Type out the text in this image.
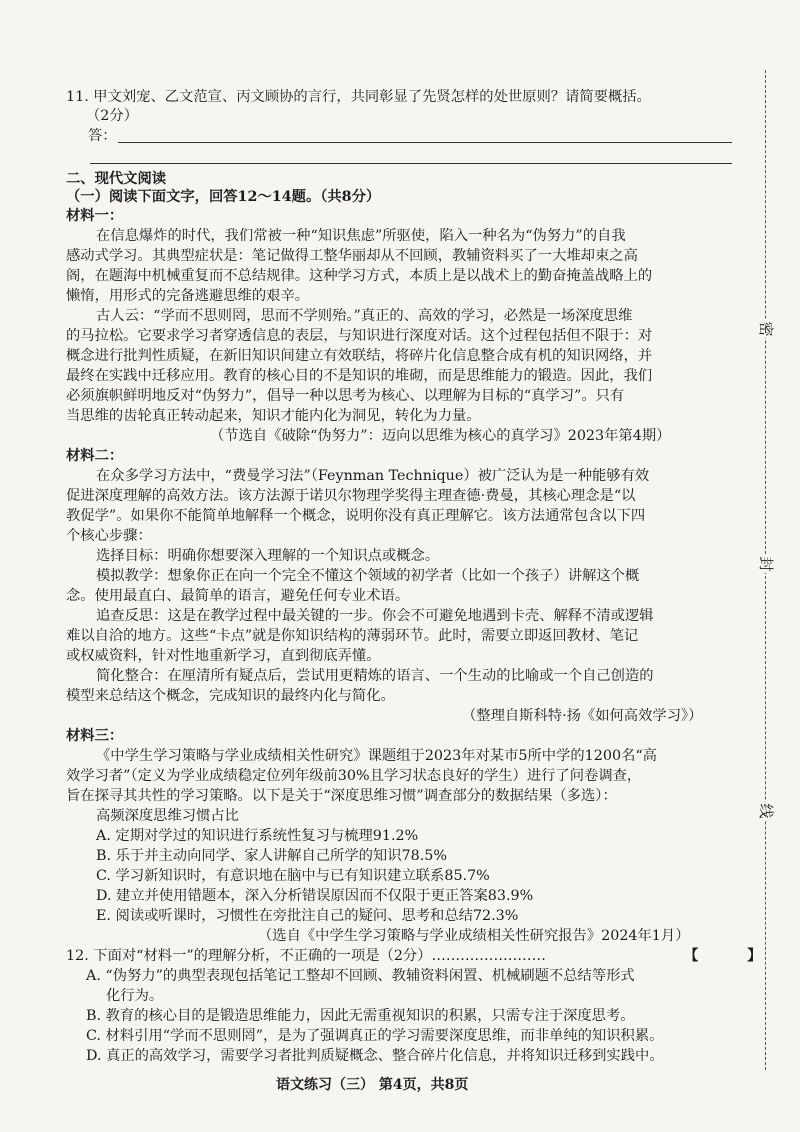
密
封
线
11. 甲文刘宠、乙文范宣、丙文顾协的言行，共同彰显了先贤怎样的处世原则？请简要概括。
（2分）
答：
二、现代文阅读
（一）阅读下面文字，回答12～14题。（共8分）
材料一：
在信息爆炸的时代，我们常被一种“知识焦虑”所驱使，陷入一种名为“伪努力”的自我
感动式学习。其典型症状是：笔记做得工整华丽却从不回顾，教辅资料买了一大堆却束之高
阁，在题海中机械重复而不总结规律。这种学习方式，本质上是以战术上的勤奋掩盖战略上的
懒惰，用形式的完备逃避思维的艰辛。
古人云：“学而不思则罔，思而不学则殆。”真正的、高效的学习，必然是一场深度思维
的马拉松。它要求学习者穿透信息的表层，与知识进行深度对话。这个过程包括但不限于：对
概念进行批判性质疑，在新旧知识间建立有效联结，将碎片化信息整合成有机的知识网络，并
最终在实践中迁移应用。教育的核心目的不是知识的堆砌，而是思维能力的锻造。因此，我们
必须旗帜鲜明地反对“伪努力”，倡导一种以思考为核心、以理解为目标的“真学习”。只有
当思维的齿轮真正转动起来，知识才能内化为洞见，转化为力量。
（节选自《破除“伪努力”：迈向以思维为核心的真学习》2023年第4期）
材料二：
在众多学习方法中，“费曼学习法”（Feynman Technique）被广泛认为是一种能够有效
促进深度理解的高效方法。该方法源于诺贝尔物理学奖得主理查德·费曼，其核心理念是“以
教促学”。如果你不能简单地解释一个概念，说明你没有真正理解它。该方法通常包含以下四
个核心步骤：
选择目标：明确你想要深入理解的一个知识点或概念。
模拟教学：想象你正在向一个完全不懂这个领域的初学者（比如一个孩子）讲解这个概
念。使用最直白、最简单的语言，避免任何专业术语。
追查反思：这是在教学过程中最关键的一步。你会不可避免地遇到卡壳、解释不清或逻辑
难以自洽的地方。这些“卡点”就是你知识结构的薄弱环节。此时，需要立即返回教材、笔记
或权威资料，针对性地重新学习，直到彻底弄懂。
简化整合：在厘清所有疑点后，尝试用更精炼的语言、一个生动的比喻或一个自己创造的
模型来总结这个概念，完成知识的最终内化与简化。
（整理自斯科特·扬《如何高效学习》）
材料三：
《中学生学习策略与学业成绩相关性研究》课题组于2023年对某市5所中学的1200名“高
效学习者”（定义为学业成绩稳定位列年级前30%且学习状态良好的学生）进行了问卷调查，
旨在探寻其共性的学习策略。以下是关于“深度思维习惯”调查部分的数据结果（多选）：
高频深度思维习惯占比
A. 定期对学过的知识进行系统性复习与梳理91.2%
B. 乐于并主动向同学、家人讲解自己所学的知识78.5%
C. 学习新知识时，有意识地在脑中与已有知识建立联系85.7%
D. 建立并使用错题本，深入分析错误原因而不仅限于更正答案83.9%
E. 阅读或听课时，习惯性在旁批注自己的疑问、思考和总结72.3%
（选自《中学生学习策略与学业成绩相关性研究报告》2024年1月）
12. 下面对“材料一”的理解分析，不正确的一项是（2分）……………………	【 】
A. “伪努力”的典型表现包括笔记工整却不回顾、教辅资料闲置、机械刷题不总结等形式
化行为。
B. 教育的核心目的是锻造思维能力，因此无需重视知识的积累，只需专注于深度思考。
C. 材料引用“学而不思则罔”，是为了强调真正的学习需要深度思维，而非单纯的知识积累。
D. 真正的高效学习，需要学习者批判质疑概念、整合碎片化信息，并将知识迁移到实践中。
语文练习（三） 第4页，共8页
